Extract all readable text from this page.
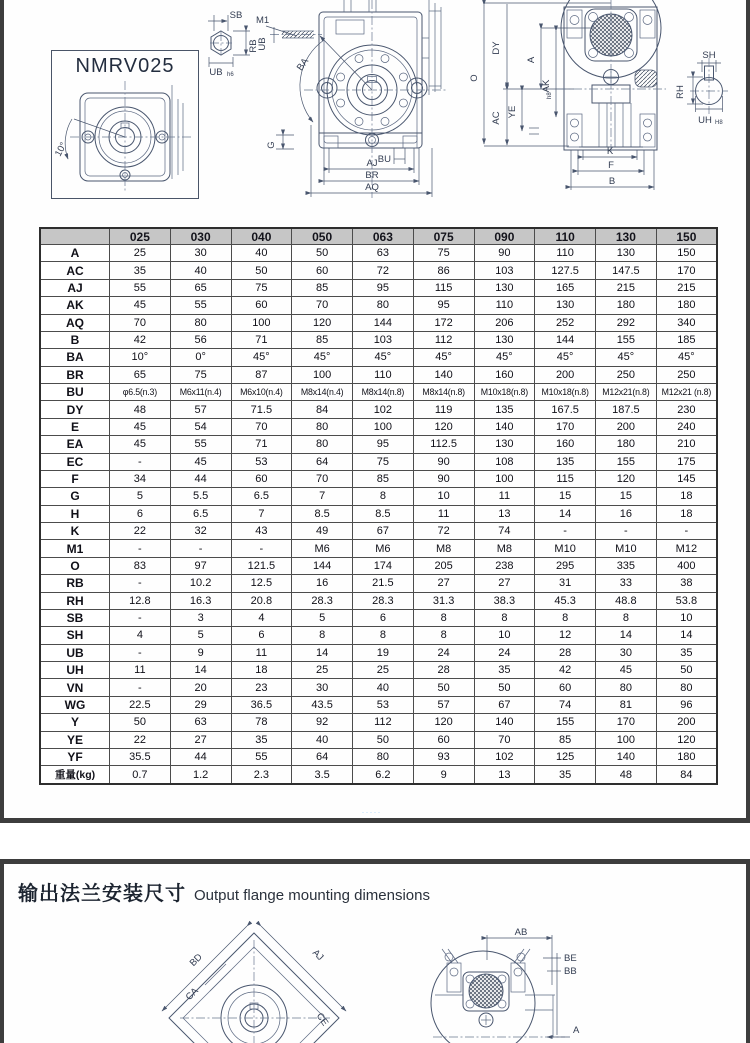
NMRV025
10°
SB
RB
UB h6
M1
UB
BA
G
BU
AJ
BR
AQ
O
DY
AC
A
AK
h8
YE
K
F
B
SH
RH
UH H8
	025	030	040	050	063	075	090	110	130	150
A	25	30	40	50	63	75	90	110	130	150
AC	35	40	50	60	72	86	103	127.5	147.5	170
AJ	55	65	75	85	95	115	130	165	215	215
AK	45	55	60	70	80	95	110	130	180	180
AQ	70	80	100	120	144	172	206	252	292	340
B	42	56	71	85	103	112	130	144	155	185
BA	10°	0°	45°	45°	45°	45°	45°	45°	45°	45°
BR	65	75	87	100	110	140	160	200	250	250
BU	φ6.5(n.3)	M6x11(n.4)	M6x10(n.4)	M8x14(n.4)	M8x14(n.8)	M8x14(n.8)	M10x18(n.8)	M10x18(n.8)	M12x21(n.8)	M12x21 (n.8)
DY	48	57	71.5	84	102	119	135	167.5	187.5	230
E	45	54	70	80	100	120	140	170	200	240
EA	45	55	71	80	95	112.5	130	160	180	210
EC	-	45	53	64	75	90	108	135	155	175
F	34	44	60	70	85	90	100	115	120	145
G	5	5.5	6.5	7	8	10	11	15	15	18
H	6	6.5	7	8.5	8.5	11	13	14	16	18
K	22	32	43	49	67	72	74	-	-	-
M1	-	-	-	M6	M6	M8	M8	M10	M10	M12
O	83	97	121.5	144	174	205	238	295	335	400
RB	-	10.2	12.5	16	21.5	27	27	31	33	38
RH	12.8	16.3	20.8	28.3	28.3	31.3	38.3	45.3	48.8	53.8
SB	-	3	4	5	6	8	8	8	8	10
SH	4	5	6	8	8	8	10	12	14	14
UB	-	9	11	14	19	24	24	28	30	35
UH	11	14	18	25	25	28	35	42	45	50
VN	-	20	23	30	40	50	50	60	80	80
WG	22.5	29	36.5	43.5	53	57	67	74	81	96
Y	50	63	78	92	112	120	140	155	170	200
YE	22	27	35	40	50	60	70	85	100	120
YF	35.5	44	55	64	80	93	102	125	140	180
重量(kg)	0.7	1.2	2.3	3.5	6.2	9	13	35	48	84
·····
输出法兰安装尺寸 Output flange mounting dimensions
BD
CA
AJ
CE
AB
BE
BB
A
